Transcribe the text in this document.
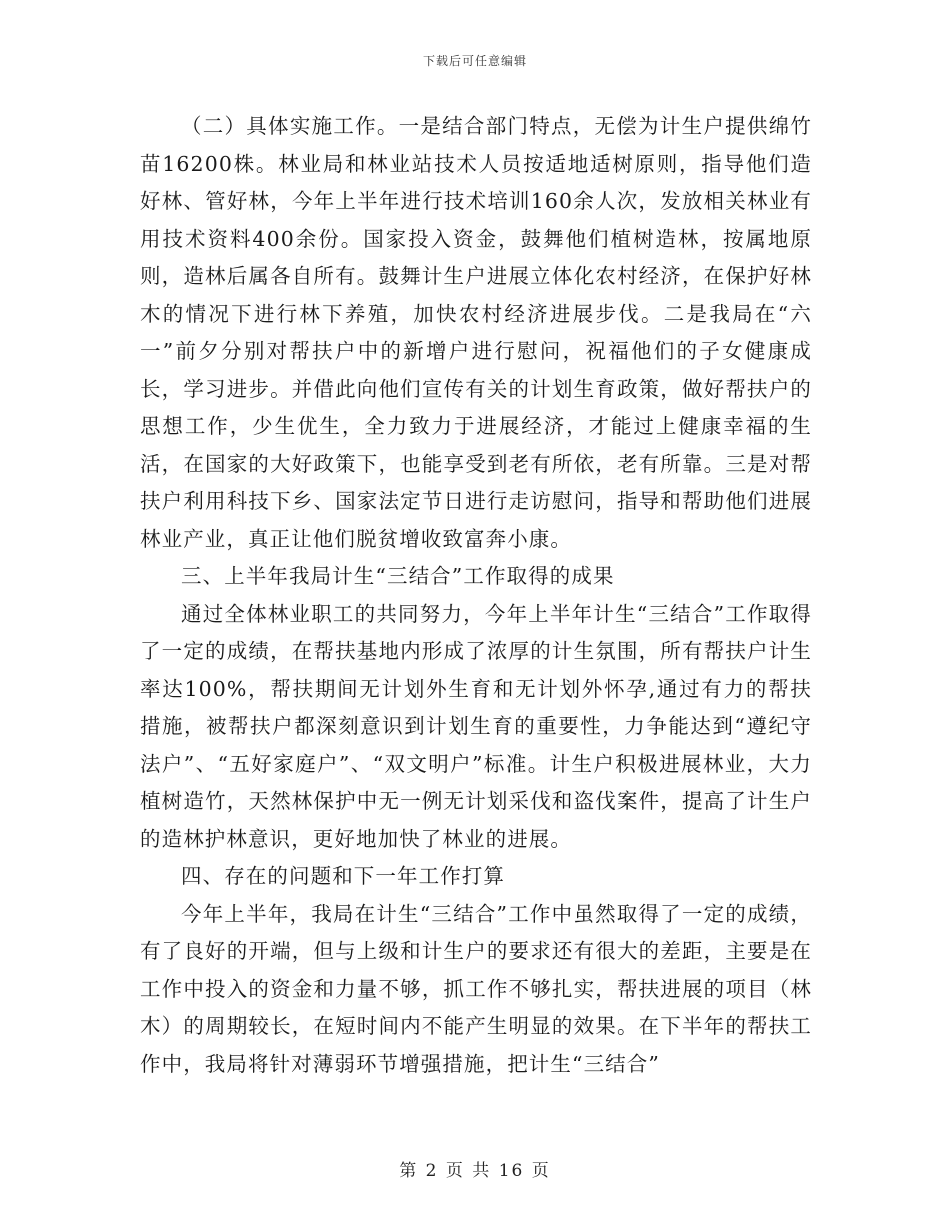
下载后可任意编辑

（二）具体实施工作。一是结合部门特点，无偿为计生户提供绵竹苗16200株。林业局和林业站技术人员按适地适树原则，指导他们造好林、管好林，今年上半年进行技术培训160余人次，发放相关林业有用技术资料400余份。国家投入资金，鼓舞他们植树造林，按属地原则，造林后属各自所有。鼓舞计生户进展立体化农村经济，在保护好林木的情况下进行林下养殖，加快农村经济进展步伐。二是我局在“六一”前夕分别对帮扶户中的新增户进行慰问，祝福他们的子女健康成长，学习进步。并借此向他们宣传有关的计划生育政策，做好帮扶户的思想工作，少生优生，全力致力于进展经济，才能过上健康幸福的生活，在国家的大好政策下，也能享受到老有所依，老有所靠。三是对帮扶户利用科技下乡、国家法定节日进行走访慰问，指导和帮助他们进展林业产业，真正让他们脱贫增收致富奔小康。

三、上半年我局计生“三结合”工作取得的成果

通过全体林业职工的共同努力，今年上半年计生“三结合”工作取得了一定的成绩，在帮扶基地内形成了浓厚的计生氛围，所有帮扶户计生率达100%，帮扶期间无计划外生育和无计划外怀孕,通过有力的帮扶措施，被帮扶户都深刻意识到计划生育的重要性，力争能达到“遵纪守法户”、“五好家庭户”、“双文明户”标准。计生户积极进展林业，大力植树造竹，天然林保护中无一例无计划采伐和盗伐案件，提高了计生户的造林护林意识，更好地加快了林业的进展。

四、存在的问题和下一年工作打算

今年上半年，我局在计生“三结合”工作中虽然取得了一定的成绩，有了良好的开端，但与上级和计生户的要求还有很大的差距，主要是在工作中投入的资金和力量不够，抓工作不够扎实，帮扶进展的项目（林木）的周期较长，在短时间内不能产生明显的效果。在下半年的帮扶工作中，我局将针对薄弱环节增强措施，把计生“三结合”

第 2 页 共 16 页
